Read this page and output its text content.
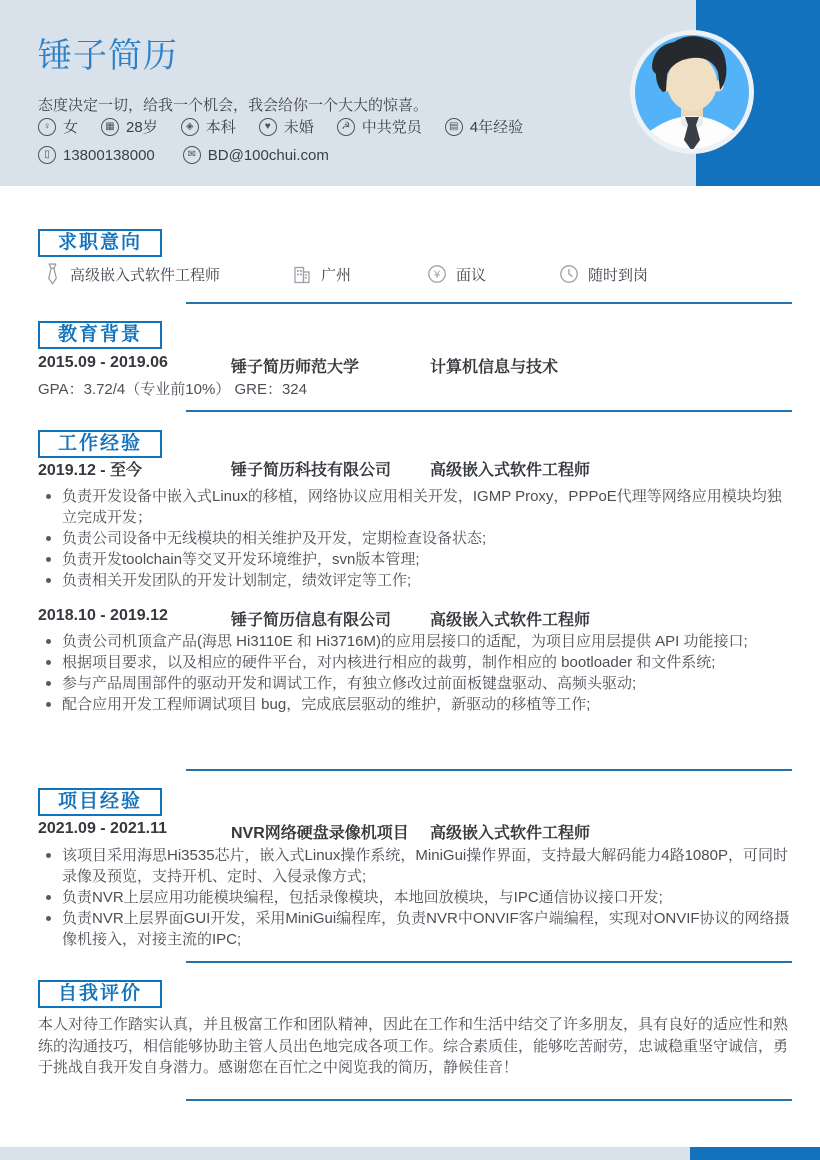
锤子简历

态度决定一切，给我一个机会，我会给你一个大大的惊喜。

♀ 女	▦ 28岁	◈ 本科	♥ 未婚	☭ 中共党员	▤ 4年经验
▯ 13800138000	✉ BD@100chui.com
求职意向
高级嵌入式软件工程师	广州	¥ 面议	随时到岗
教育背景
2015.09 - 2019.06	锤子简历师范大学	计算机信息与技术
GPA：3.72/4（专业前10%） GRE：324
工作经验
2019.12 - 至今	锤子简历科技有限公司 高级嵌入式软件工程师
负责开发设备中嵌入式Linux的移植，网络协议应用相关开发，IGMP Proxy，PPPoE代理等网络应用模块均独立完成开发；
负责公司设备中无线模块的相关维护及开发，定期检查设备状态;
负责开发toolchain等交叉开发环境维护，svn版本管理;
负责相关开发团队的开发计划制定，绩效评定等工作;
2018.10 - 2019.12	锤子简历信息有限公司 高级嵌入式软件工程师
负责公司机顶盒产品(海思 Hi3110E 和 Hi3716M)的应用层接口的适配，为项目应用层提供 API 功能接口;
根据项目要求，以及相应的硬件平台，对内核进行相应的裁剪，制作相应的 bootloader 和文件系统;
参与产品周围部件的驱动开发和调试工作，有独立修改过前面板键盘驱动、高频头驱动;
配合应用开发工程师调试项目 bug，完成底层驱动的维护，新驱动的移植等工作;
项目经验
2021.09 - 2021.11	NVR网络硬盘录像机项目 高级嵌入式软件工程师
该项目采用海思Hi3535芯片，嵌入式Linux操作系统，MiniGui操作界面，支持最大解码能力4路1080P，可同时录像及预览，支持开机、定时、入侵录像方式;
负责NVR上层应用功能模块编程，包括录像模块，本地回放模块，与IPC通信协议接口开发;
负责NVR上层界面GUI开发，采用MiniGui编程库，负责NVR中ONVIF客户端编程，实现对ONVIF协议的网络摄像机接入，对接主流的IPC;
自我评价

本人对待工作踏实认真，并且极富工作和团队精神，因此在工作和生活中结交了许多朋友，具有良好的适应性和熟练的沟通技巧，相信能够协助主管人员出色地完成各项工作。综合素质佳，能够吃苦耐劳，忠诚稳重坚守诚信，勇于挑战自我开发自身潜力。感谢您在百忙之中阅览我的简历，静候佳音！
